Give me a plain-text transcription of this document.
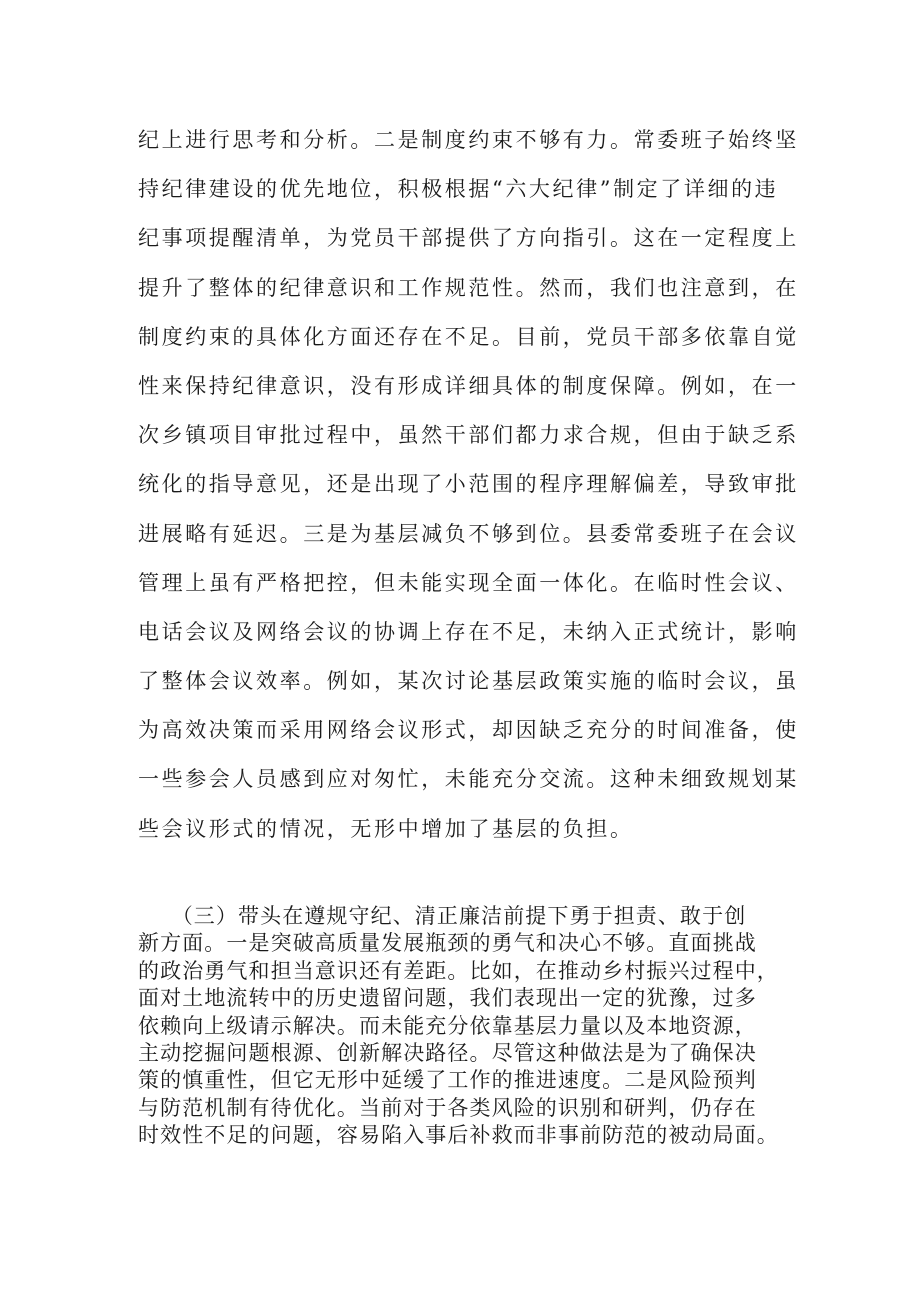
纪上进行思考和分析。二是制度约束不够有力。常委班子始终坚
持纪律建设的优先地位，积极根据“六大纪律”制定了详细的违
纪事项提醒清单，为党员干部提供了方向指引。这在一定程度上
提升了整体的纪律意识和工作规范性。然而，我们也注意到，在
制度约束的具体化方面还存在不足。目前，党员干部多依靠自觉
性来保持纪律意识，没有形成详细具体的制度保障。例如，在一
次乡镇项目审批过程中，虽然干部们都力求合规，但由于缺乏系
统化的指导意见，还是出现了小范围的程序理解偏差，导致审批
进展略有延迟。三是为基层减负不够到位。县委常委班子在会议
管理上虽有严格把控，但未能实现全面一体化。在临时性会议、
电话会议及网络会议的协调上存在不足，未纳入正式统计，影响
了整体会议效率。例如，某次讨论基层政策实施的临时会议，虽
为高效决策而采用网络会议形式，却因缺乏充分的时间准备，使
一些参会人员感到应对匆忙，未能充分交流。这种未细致规划某
些会议形式的情况，无形中增加了基层的负担。
　　（三）带头在遵规守纪、清正廉洁前提下勇于担责、敢于创
新方面。一是突破高质量发展瓶颈的勇气和决心不够。直面挑战
的政治勇气和担当意识还有差距。比如，在推动乡村振兴过程中，
面对土地流转中的历史遗留问题，我们表现出一定的犹豫，过多
依赖向上级请示解决。而未能充分依靠基层力量以及本地资源，
主动挖掘问题根源、创新解决路径。尽管这种做法是为了确保决
策的慎重性，但它无形中延缓了工作的推进速度。二是风险预判
与防范机制有待优化。当前对于各类风险的识别和研判，仍存在
时效性不足的问题，容易陷入事后补救而非事前防范的被动局面。
